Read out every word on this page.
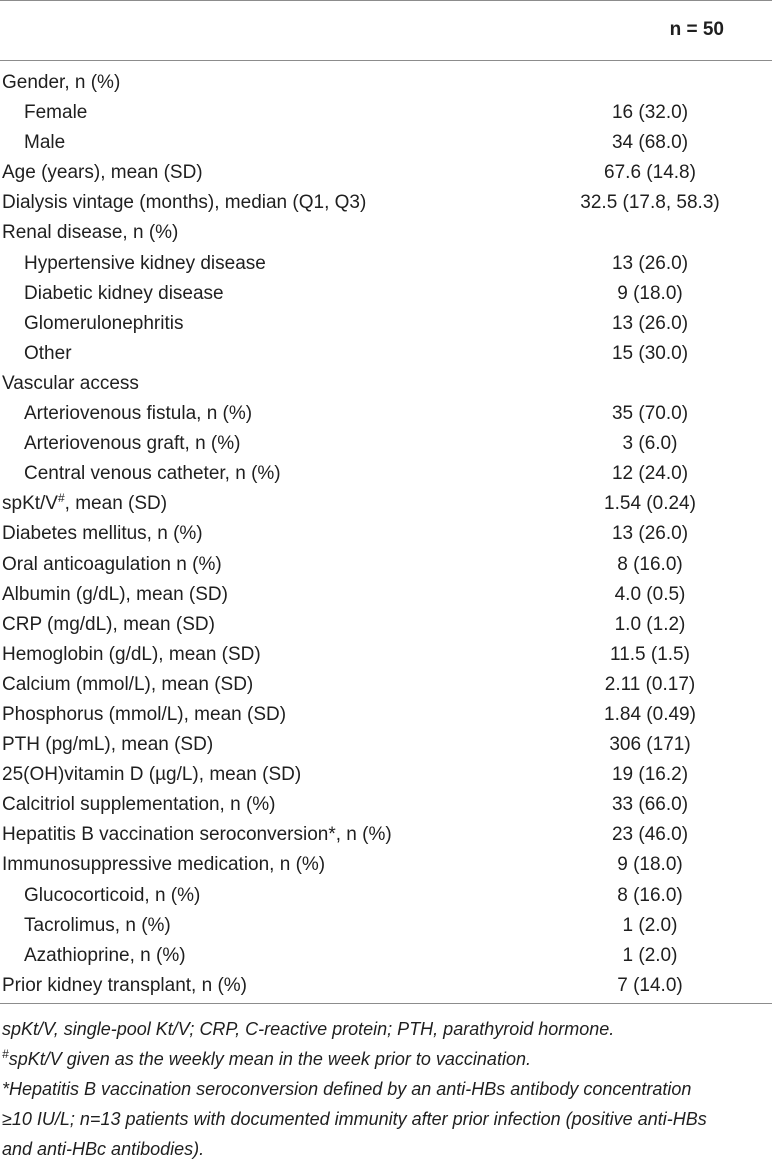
n = 50
Gender, n (%)
Female	16 (32.0)
Male	34 (68.0)
Age (years), mean (SD)	67.6 (14.8)
Dialysis vintage (months), median (Q1, Q3)	32.5 (17.8, 58.3)
Renal disease, n (%)
Hypertensive kidney disease	13 (26.0)
Diabetic kidney disease	9 (18.0)
Glomerulonephritis	13 (26.0)
Other	15 (30.0)
Vascular access
Arteriovenous fistula, n (%)	35 (70.0)
Arteriovenous graft, n (%)	3 (6.0)
Central venous catheter, n (%)	12 (24.0)
spKt/V#, mean (SD)	1.54 (0.24)
Diabetes mellitus, n (%)	13 (26.0)
Oral anticoagulation n (%)	8 (16.0)
Albumin (g/dL), mean (SD)	4.0 (0.5)
CRP (mg/dL), mean (SD)	1.0 (1.2)
Hemoglobin (g/dL), mean (SD)	11.5 (1.5)
Calcium (mmol/L), mean (SD)	2.11 (0.17)
Phosphorus (mmol/L), mean (SD)	1.84 (0.49)
PTH (pg/mL), mean (SD)	306 (171)
25(OH)vitamin D (µg/L), mean (SD)	19 (16.2)
Calcitriol supplementation, n (%)	33 (66.0)
Hepatitis B vaccination seroconversion*, n (%)	23 (46.0)
Immunosuppressive medication, n (%)	9 (18.0)
Glucocorticoid, n (%)	8 (16.0)
Tacrolimus, n (%)	1 (2.0)
Azathioprine, n (%)	1 (2.0)
Prior kidney transplant, n (%)	7 (14.0)

spKt/V, single-pool Kt/V; CRP, C-reactive protein; PTH, parathyroid hormone.

#spKt/V given as the weekly mean in the week prior to vaccination.

*Hepatitis B vaccination seroconversion defined by an anti-HBs antibody concentration

≥10 IU/L; n=13 patients with documented immunity after prior infection (positive anti-HBs

and anti-HBc antibodies).
